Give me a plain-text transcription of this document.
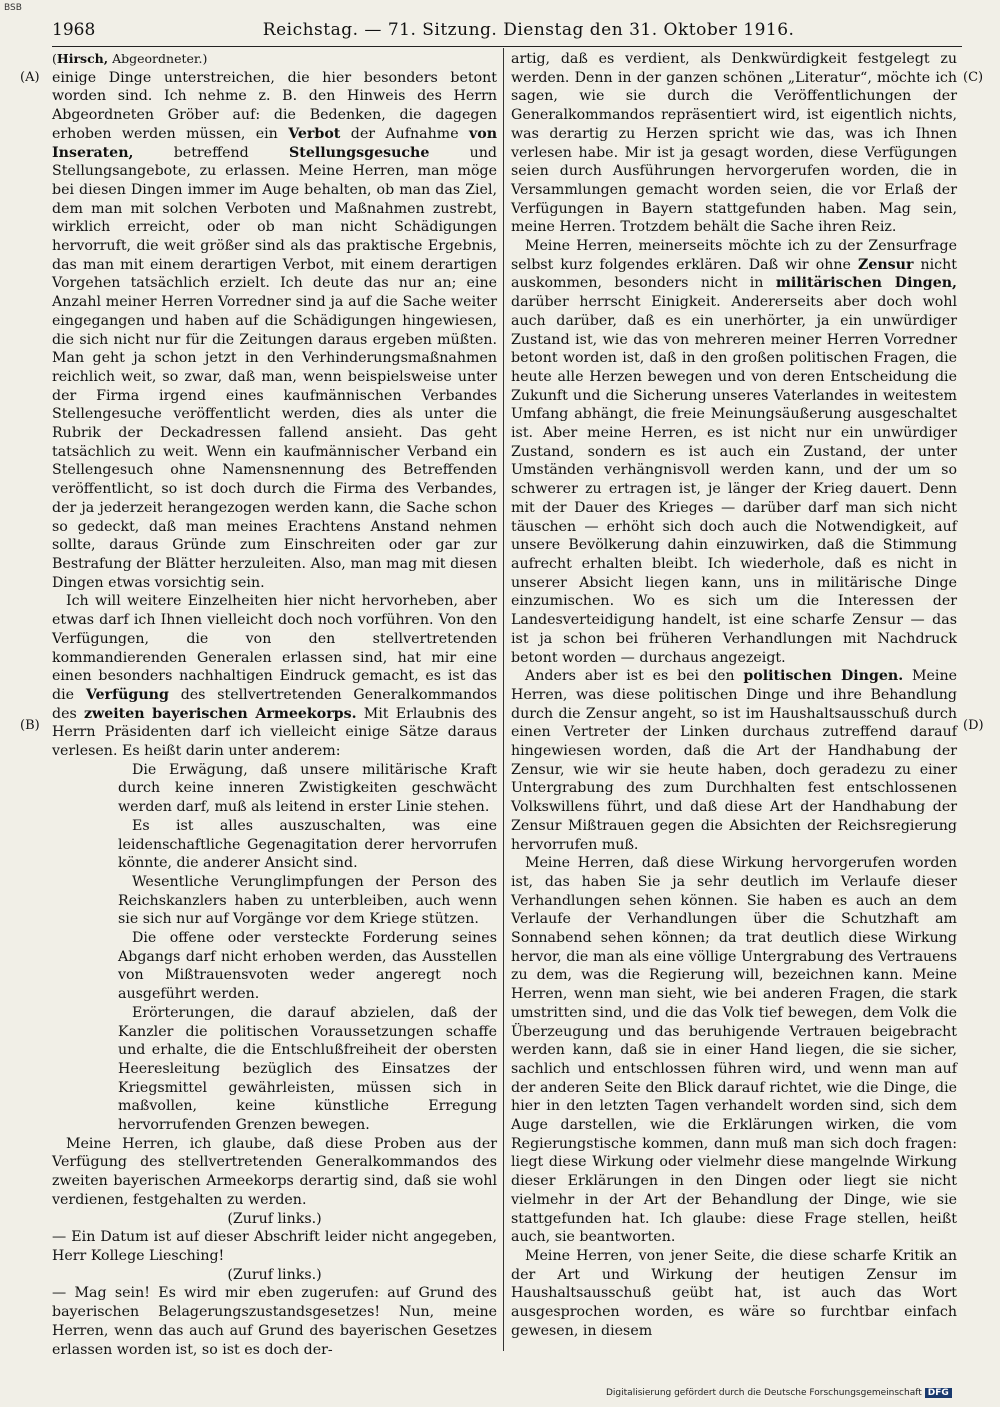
BSB
1968	Reichstag. — 71. Sitzung. Dienstag den 31. Oktober 1916.
(A)
(B)
(C)
(D)

(Hirsch, Abgeordneter.)

einige Dinge unterstreichen, die hier besonders betont worden sind. Ich nehme z. B. den Hinweis des Herrn Abgeordneten Gröber auf: die Bedenken, die dagegen erhoben werden müssen, ein Verbot der Aufnahme von Inseraten, betreffend Stellungsgesuche und Stellungsangebote, zu erlassen. Meine Herren, man möge bei diesen Dingen immer im Auge behalten, ob man das Ziel, dem man mit solchen Verboten und Maßnahmen zustrebt, wirklich erreicht, oder ob man nicht Schädigungen hervorruft, die weit größer sind als das praktische Ergebnis, das man mit einem derartigen Verbot, mit einem derartigen Vorgehen tatsächlich erzielt. Ich deute das nur an; eine Anzahl meiner Herren Vorredner sind ja auf die Sache weiter eingegangen und haben auf die Schädigungen hingewiesen, die sich nicht nur für die Zeitungen daraus ergeben müßten. Man geht ja schon jetzt in den Verhinderungsmaßnahmen reichlich weit, so zwar, daß man, wenn beispielsweise unter der Firma irgend eines kaufmännischen Verbandes Stellengesuche veröffentlicht werden, dies als unter die Rubrik der Deckadressen fallend ansieht. Das geht tatsächlich zu weit. Wenn ein kaufmännischer Verband ein Stellengesuch ohne Namensnennung des Betreffenden veröffentlicht, so ist doch durch die Firma des Verbandes, der ja jederzeit herangezogen werden kann, die Sache schon so gedeckt, daß man meines Erachtens Anstand nehmen sollte, daraus Gründe zum Einschreiten oder gar zur Bestrafung der Blätter herzuleiten. Also, man mag mit diesen Dingen etwas vorsichtig sein.

Ich will weitere Einzelheiten hier nicht hervorheben, aber etwas darf ich Ihnen vielleicht doch noch vorführen. Von den Verfügungen, die von den stellvertretenden kommandierenden Generalen erlassen sind, hat mir eine einen besonders nachhaltigen Eindruck gemacht, es ist das die Verfügung des stellvertretenden Generalkommandos des zweiten bayerischen Armeekorps. Mit Erlaubnis des Herrn Präsidenten darf ich vielleicht einige Sätze daraus verlesen. Es heißt darin unter anderem:

Die Erwägung, daß unsere militärische Kraft durch keine inneren Zwistigkeiten geschwächt werden darf, muß als leitend in erster Linie stehen.

Es ist alles auszuschalten, was eine leidenschaftliche Gegenagitation derer hervorrufen könnte, die anderer Ansicht sind.

Wesentliche Verunglimpfungen der Person des Reichskanzlers haben zu unterbleiben, auch wenn sie sich nur auf Vorgänge vor dem Kriege stützen.

Die offene oder versteckte Forderung seines Abgangs darf nicht erhoben werden, das Ausstellen von Mißtrauensvoten weder angeregt noch ausgeführt werden.

Erörterungen, die darauf abzielen, daß der Kanzler die politischen Voraussetzungen schaffe und erhalte, die die Entschlußfreiheit der obersten Heeresleitung bezüglich des Einsatzes der Kriegsmittel gewährleisten, müssen sich in maßvollen, keine künstliche Erregung hervorrufenden Grenzen bewegen.

Meine Herren, ich glaube, daß diese Proben aus der Verfügung des stellvertretenden Generalkommandos des zweiten bayerischen Armeekorps derartig sind, daß sie wohl verdienen, festgehalten zu werden.

(Zuruf links.)

— Ein Datum ist auf dieser Abschrift leider nicht angegeben, Herr Kollege Liesching!

(Zuruf links.)

— Mag sein! Es wird mir eben zugerufen: auf Grund des bayerischen Belagerungszustandsgesetzes! Nun, meine Herren, wenn das auch auf Grund des bayerischen Gesetzes erlassen worden ist, so ist es doch der-

artig, daß es verdient, als Denkwürdigkeit festgelegt zu werden. Denn in der ganzen schönen „Literatur“, möchte ich sagen, wie sie durch die Veröffentlichungen der Generalkommandos repräsentiert wird, ist eigentlich nichts, was derartig zu Herzen spricht wie das, was ich Ihnen verlesen habe. Mir ist ja gesagt worden, diese Verfügungen seien durch Ausführungen hervorgerufen worden, die in Versammlungen gemacht worden seien, die vor Erlaß der Verfügungen in Bayern stattgefunden haben. Mag sein, meine Herren. Trotzdem behält die Sache ihren Reiz.

Meine Herren, meinerseits möchte ich zu der Zensurfrage selbst kurz folgendes erklären. Daß wir ohne Zensur nicht auskommen, besonders nicht in militärischen Dingen, darüber herrscht Einigkeit. Andererseits aber doch wohl auch darüber, daß es ein unerhörter, ja ein unwürdiger Zustand ist, wie das von mehreren meiner Herren Vorredner betont worden ist, daß in den großen politischen Fragen, die heute alle Herzen bewegen und von deren Entscheidung die Zukunft und die Sicherung unseres Vaterlandes in weitestem Umfang abhängt, die freie Meinungsäußerung ausgeschaltet ist. Aber meine Herren, es ist nicht nur ein unwürdiger Zustand, sondern es ist auch ein Zustand, der unter Umständen verhängnisvoll werden kann, und der um so schwerer zu ertragen ist, je länger der Krieg dauert. Denn mit der Dauer des Krieges — darüber darf man sich nicht täuschen — erhöht sich doch auch die Notwendigkeit, auf unsere Bevölkerung dahin einzuwirken, daß die Stimmung aufrecht erhalten bleibt. Ich wiederhole, daß es nicht in unserer Absicht liegen kann, uns in militärische Dinge einzumischen. Wo es sich um die Interessen der Landesverteidigung handelt, ist eine scharfe Zensur — das ist ja schon bei früheren Verhandlungen mit Nachdruck betont worden — durchaus angezeigt.

Anders aber ist es bei den politischen Dingen. Meine Herren, was diese politischen Dinge und ihre Behandlung durch die Zensur angeht, so ist im Haushaltsausschuß durch einen Vertreter der Linken durchaus zutreffend darauf hingewiesen worden, daß die Art der Handhabung der Zensur, wie wir sie heute haben, doch geradezu zu einer Untergrabung des zum Durchhalten fest entschlossenen Volkswillens führt, und daß diese Art der Handhabung der Zensur Mißtrauen gegen die Absichten der Reichsregierung hervorrufen muß.

Meine Herren, daß diese Wirkung hervorgerufen worden ist, das haben Sie ja sehr deutlich im Verlaufe dieser Verhandlungen sehen können. Sie haben es auch an dem Verlaufe der Verhandlungen über die Schutzhaft am Sonnabend sehen können; da trat deutlich diese Wirkung hervor, die man als eine völlige Untergrabung des Vertrauens zu dem, was die Regierung will, bezeichnen kann. Meine Herren, wenn man sieht, wie bei anderen Fragen, die stark umstritten sind, und die das Volk tief bewegen, dem Volk die Überzeugung und das beruhigende Vertrauen beigebracht werden kann, daß sie in einer Hand liegen, die sie sicher, sachlich und entschlossen führen wird, und wenn man auf der anderen Seite den Blick darauf richtet, wie die Dinge, die hier in den letzten Tagen verhandelt worden sind, sich dem Auge darstellen, wie die Erklärungen wirken, die vom Regierungstische kommen, dann muß man sich doch fragen: liegt diese Wirkung oder vielmehr diese mangelnde Wirkung dieser Erklärungen in den Dingen oder liegt sie nicht vielmehr in der Art der Behandlung der Dinge, wie sie stattgefunden hat. Ich glaube: diese Frage stellen, heißt auch, sie beantworten.

Meine Herren, von jener Seite, die diese scharfe Kritik an der Art und Wirkung der heutigen Zensur im Haushaltsausschuß geübt hat, ist auch das Wort ausgesprochen worden, es wäre so furchtbar einfach gewesen, in diesem

Digitalisierung gefördert durch die Deutsche Forschungsgemeinschaft DFG
